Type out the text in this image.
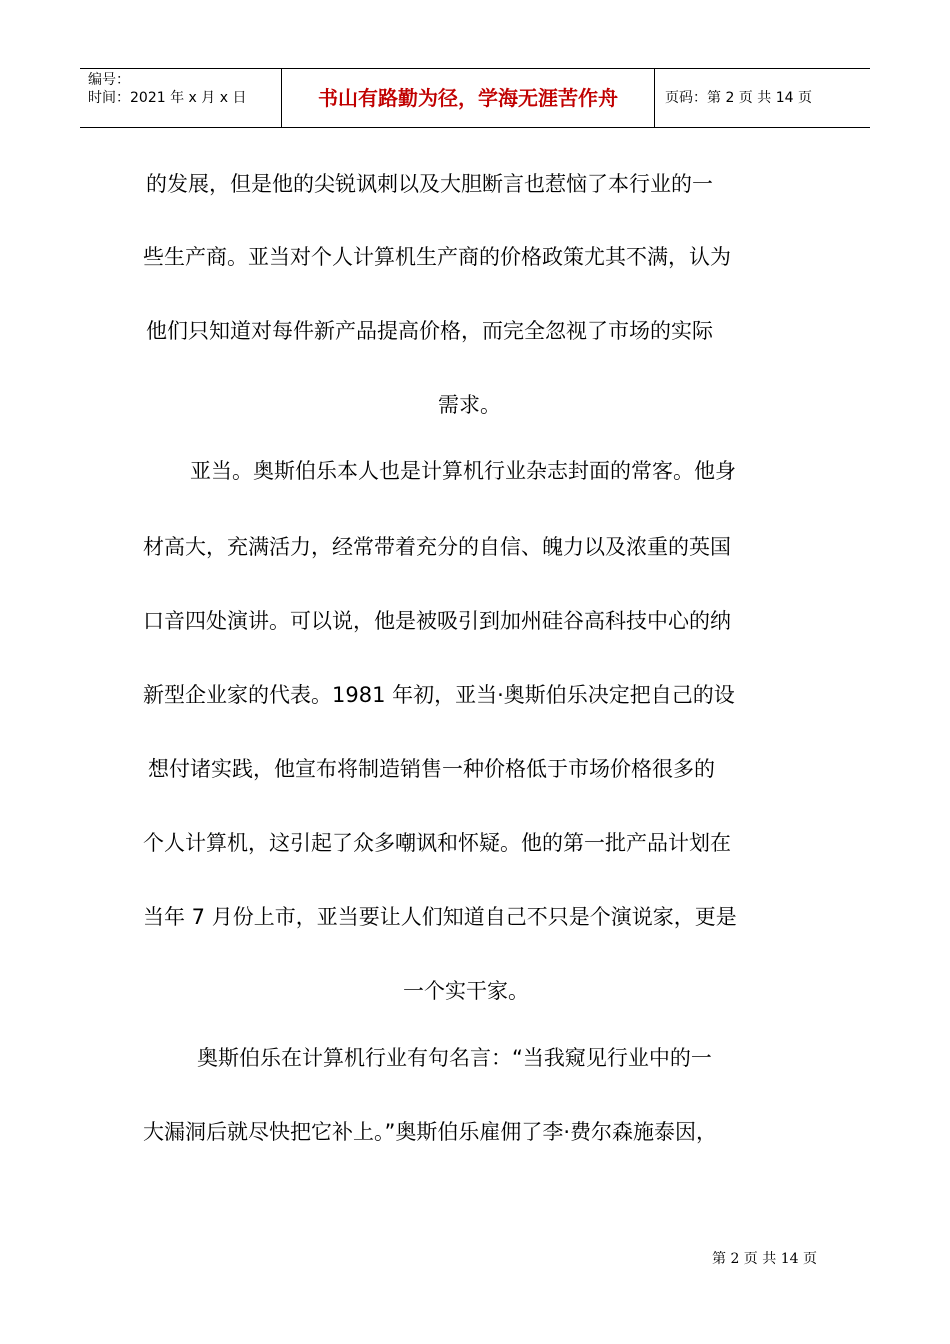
编号：
时间：2021 年 x 月 x 日	书山有路勤为径，学海无涯苦作舟	页码：第 2 页 共 14 页
的发展，但是他的尖锐讽刺以及大胆断言也惹恼了本行业的一
些生产商。亚当对个人计算机生产商的价格政策尤其不满，认为
他们只知道对每件新产品提高价格，而完全忽视了市场的实际
需求。
亚当。奥斯伯乐本人也是计算机行业杂志封面的常客。他身
材高大，充满活力，经常带着充分的自信、魄力以及浓重的英国
口音四处演讲。可以说，他是被吸引到加州硅谷高科技中心的纳
新型企业家的代表。1981 年初，亚当·奥斯伯乐决定把自己的设
想付诸实践，他宣布将制造销售一种价格低于市场价格很多的
个人计算机，这引起了众多嘲讽和怀疑。他的第一批产品计划在
当年 7 月份上市，亚当要让人们知道自己不只是个演说家，更是
一个实干家。
奥斯伯乐在计算机行业有句名言：“当我窥见行业中的一
大漏洞后就尽快把它补上。”奥斯伯乐雇佣了李·费尔森施泰因，
第 2 页 共 14 页
